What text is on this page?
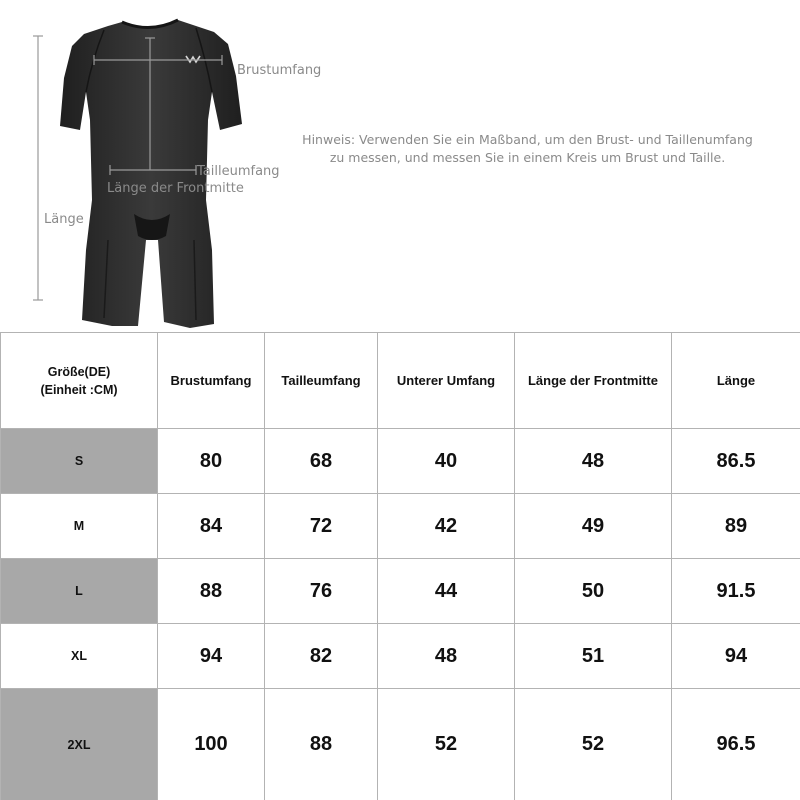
Brustumfang
Taillеumfang
Länge der Frontmitte
Länge
Hinweis: Verwenden Sie ein Maßband, um den Brust- und Taillenumfang
zu messen, und messen Sie in einem Kreis um Brust und Taille.
Größe(DE)
(Einheit :CM)	Brustumfang	Taillеumfang	Unterer Umfang	Länge der Frontmitte	Länge
S	80	68	40	48	86.5
M	84	72	42	49	89
L	88	76	44	50	91.5
XL	94	82	48	51	94
2XL	100	88	52	52	96.5
